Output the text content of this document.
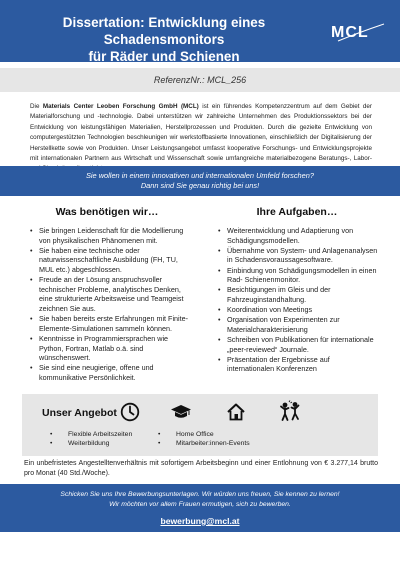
Dissertation: Entwicklung eines Schadensmonitors
für Räder und Schienen
MCL
ReferenzNr.: MCL_256

Die Materials Center Leoben Forschung GmbH (MCL) ist ein führendes Kompetenzzentrum auf dem Gebiet der Materialforschung und -technologie. Dabei unterstützen wir zahlreiche Unternehmen des Produktionssektors bei der Entwicklung von leistungsfähigen Materialien, Herstellprozessen und Produkten. Durch die gezielte Entwicklung von computergestützten Technologien beschleunigen wir werkstoffbasierte Innovationen, einschließlich der Digitalisierung der Herstellkette sowie von Produkten. Unser Leistungsangebot umfasst kooperative Forschungs- und Entwicklungsprojekte mit internationalen Partnern aus Wirtschaft und Wissenschaft sowie umfangreiche materialbezogene Beratungs-, Labor-

Sie wollen in einem innovativen und internationalen Umfeld forschen?
Dann sind Sie genau richtig bei uns!
Was benötigen wir…	Ihre Aufgaben…
• Sie bringen Leidenschaft für die Modellierung von physikalischen Phänomenen mit.
• Sie haben eine technische oder naturwissenschaftliche Ausbildung (FH, TU, MUL etc.) abgeschlossen.
• Freude an der Lösung anspruchsvoller technischer Probleme, analytisches Denken, eine strukturierte Arbeitsweise und Teamgeist zeichnen Sie aus.
• Sie haben bereits erste Erfahrungen mit Finite-Elemente-Simulationen sammeln können.
• Kenntnisse in Programmiersprachen wie Python, Fortran, Matlab o.ä. sind wünschenswert.
• Sie sind eine neugierige, offene und kommunikative Persönlichkeit.
• Weiterentwicklung und Adaptierung von Schädigungsmodellen.
• Übernahme von System- und Anlagenanalysen in Schadensvoraussagesoftware.
• Einbindung von Schädigungsmodellen in einen Rad- Schienenmonitor.
• Besichtigungen im Gleis und der Fahrzeuginstandhaltung.
• Koordination von Meetings
• Organisation von Experimenten zur Materialcharakterisierung
• Schreiben von Publikationen für internationale „peer-reviewed“ Journale.
• Präsentation der Ergebnisse auf internationalen Konferenzen
Unser Angebot
• Flexible Arbeitszeiten
• Weiterbildung
• Home Office
• Mitarbeiter:innen-Events

Ein unbefristetes Angestelltenverhältnis mit sofortigem Arbeitsbeginn und einer Entlohnung von € 3.277,14 brutto pro Monat (40 Std./Woche).

Schicken Sie uns Ihre Bewerbungsunterlagen. Wir würden uns freuen, Sie kennen zu lernen!
Wir möchten vor allem Frauen ermutigen, sich zu bewerben.
bewerbung@mcl.at
